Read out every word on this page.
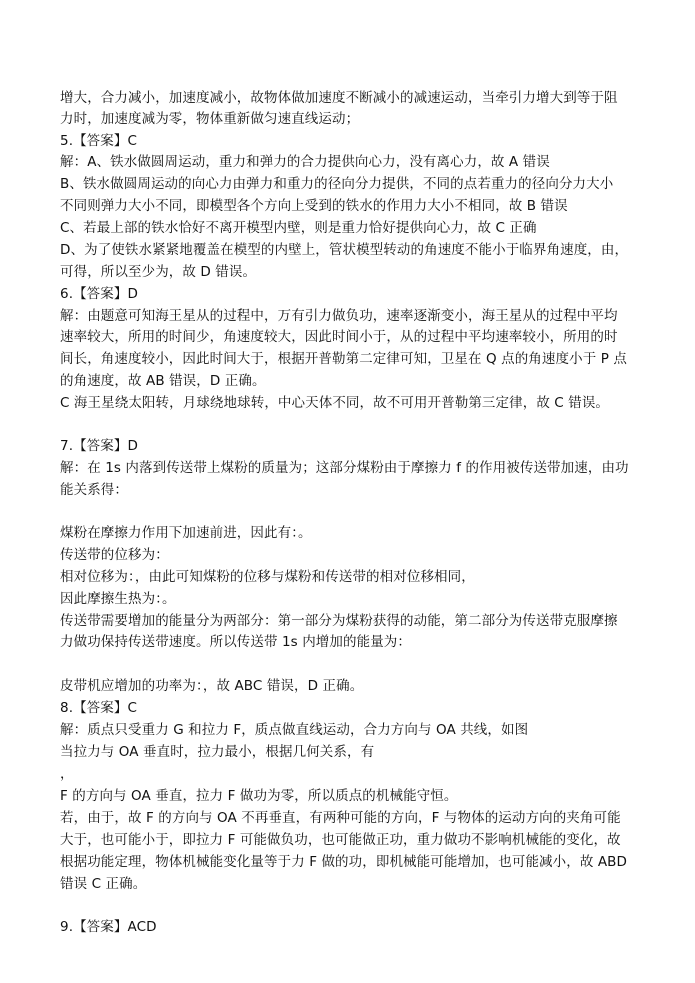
增大，合力减小，加速度减小，故物体做加速度不断减小的减速运动，当牵引力增大到等于阻
力时，加速度减为零，物体重新做匀速直线运动；
5.【答案】C
解：A、铁水做圆周运动，重力和弹力的合力提供向心力，没有离心力，故 A 错误
B、铁水做圆周运动的向心力由弹力和重力的径向分力提供，不同的点若重力的径向分力大小
不同则弹力大小不同，即模型各个方向上受到的铁水的作用力大小不相同，故 B 错误
C、若最上部的铁水恰好不离开模型内壁，则是重力恰好提供向心力，故 C 正确
D、为了使铁水紧紧地覆盖在模型的内壁上，管状模型转动的角速度不能小于临界角速度，由，
可得，所以至少为，故 D 错误。
6.【答案】D
解：由题意可知海王星从的过程中，万有引力做负功，速率逐渐变小，海王星从的过程中平均
速率较大，所用的时间少，角速度较大，因此时间小于，从的过程中平均速率较小，所用的时
间长，角速度较小，因此时间大于，根据开普勒第二定律可知，卫星在 Q 点的角速度小于 P 点
的角速度，故 AB 错误，D 正确。
C 海王星绕太阳转，月球绕地球转，中心天体不同，故不可用开普勒第三定律，故 C 错误。
7.【答案】D
解：在 1s 内落到传送带上煤粉的质量为；这部分煤粉由于摩擦力 f 的作用被传送带加速，由功
能关系得：
煤粉在摩擦力作用下加速前进，因此有：。
传送带的位移为：
相对位移为：，由此可知煤粉的位移与煤粉和传送带的相对位移相同，
因此摩擦生热为：。
传送带需要增加的能量分为两部分：第一部分为煤粉获得的动能，第二部分为传送带克服摩擦
力做功保持传送带速度。所以传送带 1s 内增加的能量为：
皮带机应增加的功率为：，故 ABC 错误，D 正确。
8.【答案】C
解：质点只受重力 G 和拉力 F，质点做直线运动，合力方向与 OA 共线，如图
当拉力与 OA 垂直时，拉力最小，根据几何关系，有
，
F 的方向与 OA 垂直，拉力 F 做功为零，所以质点的机械能守恒。
若，由于，故 F 的方向与 OA 不再垂直，有两种可能的方向，F 与物体的运动方向的夹角可能
大于，也可能小于，即拉力 F 可能做负功，也可能做正功，重力做功不影响机械能的变化，故
根据功能定理，物体机械能变化量等于力 F 做的功，即机械能可能增加，也可能减小，故 ABD
错误 C 正确。
9.【答案】ACD
